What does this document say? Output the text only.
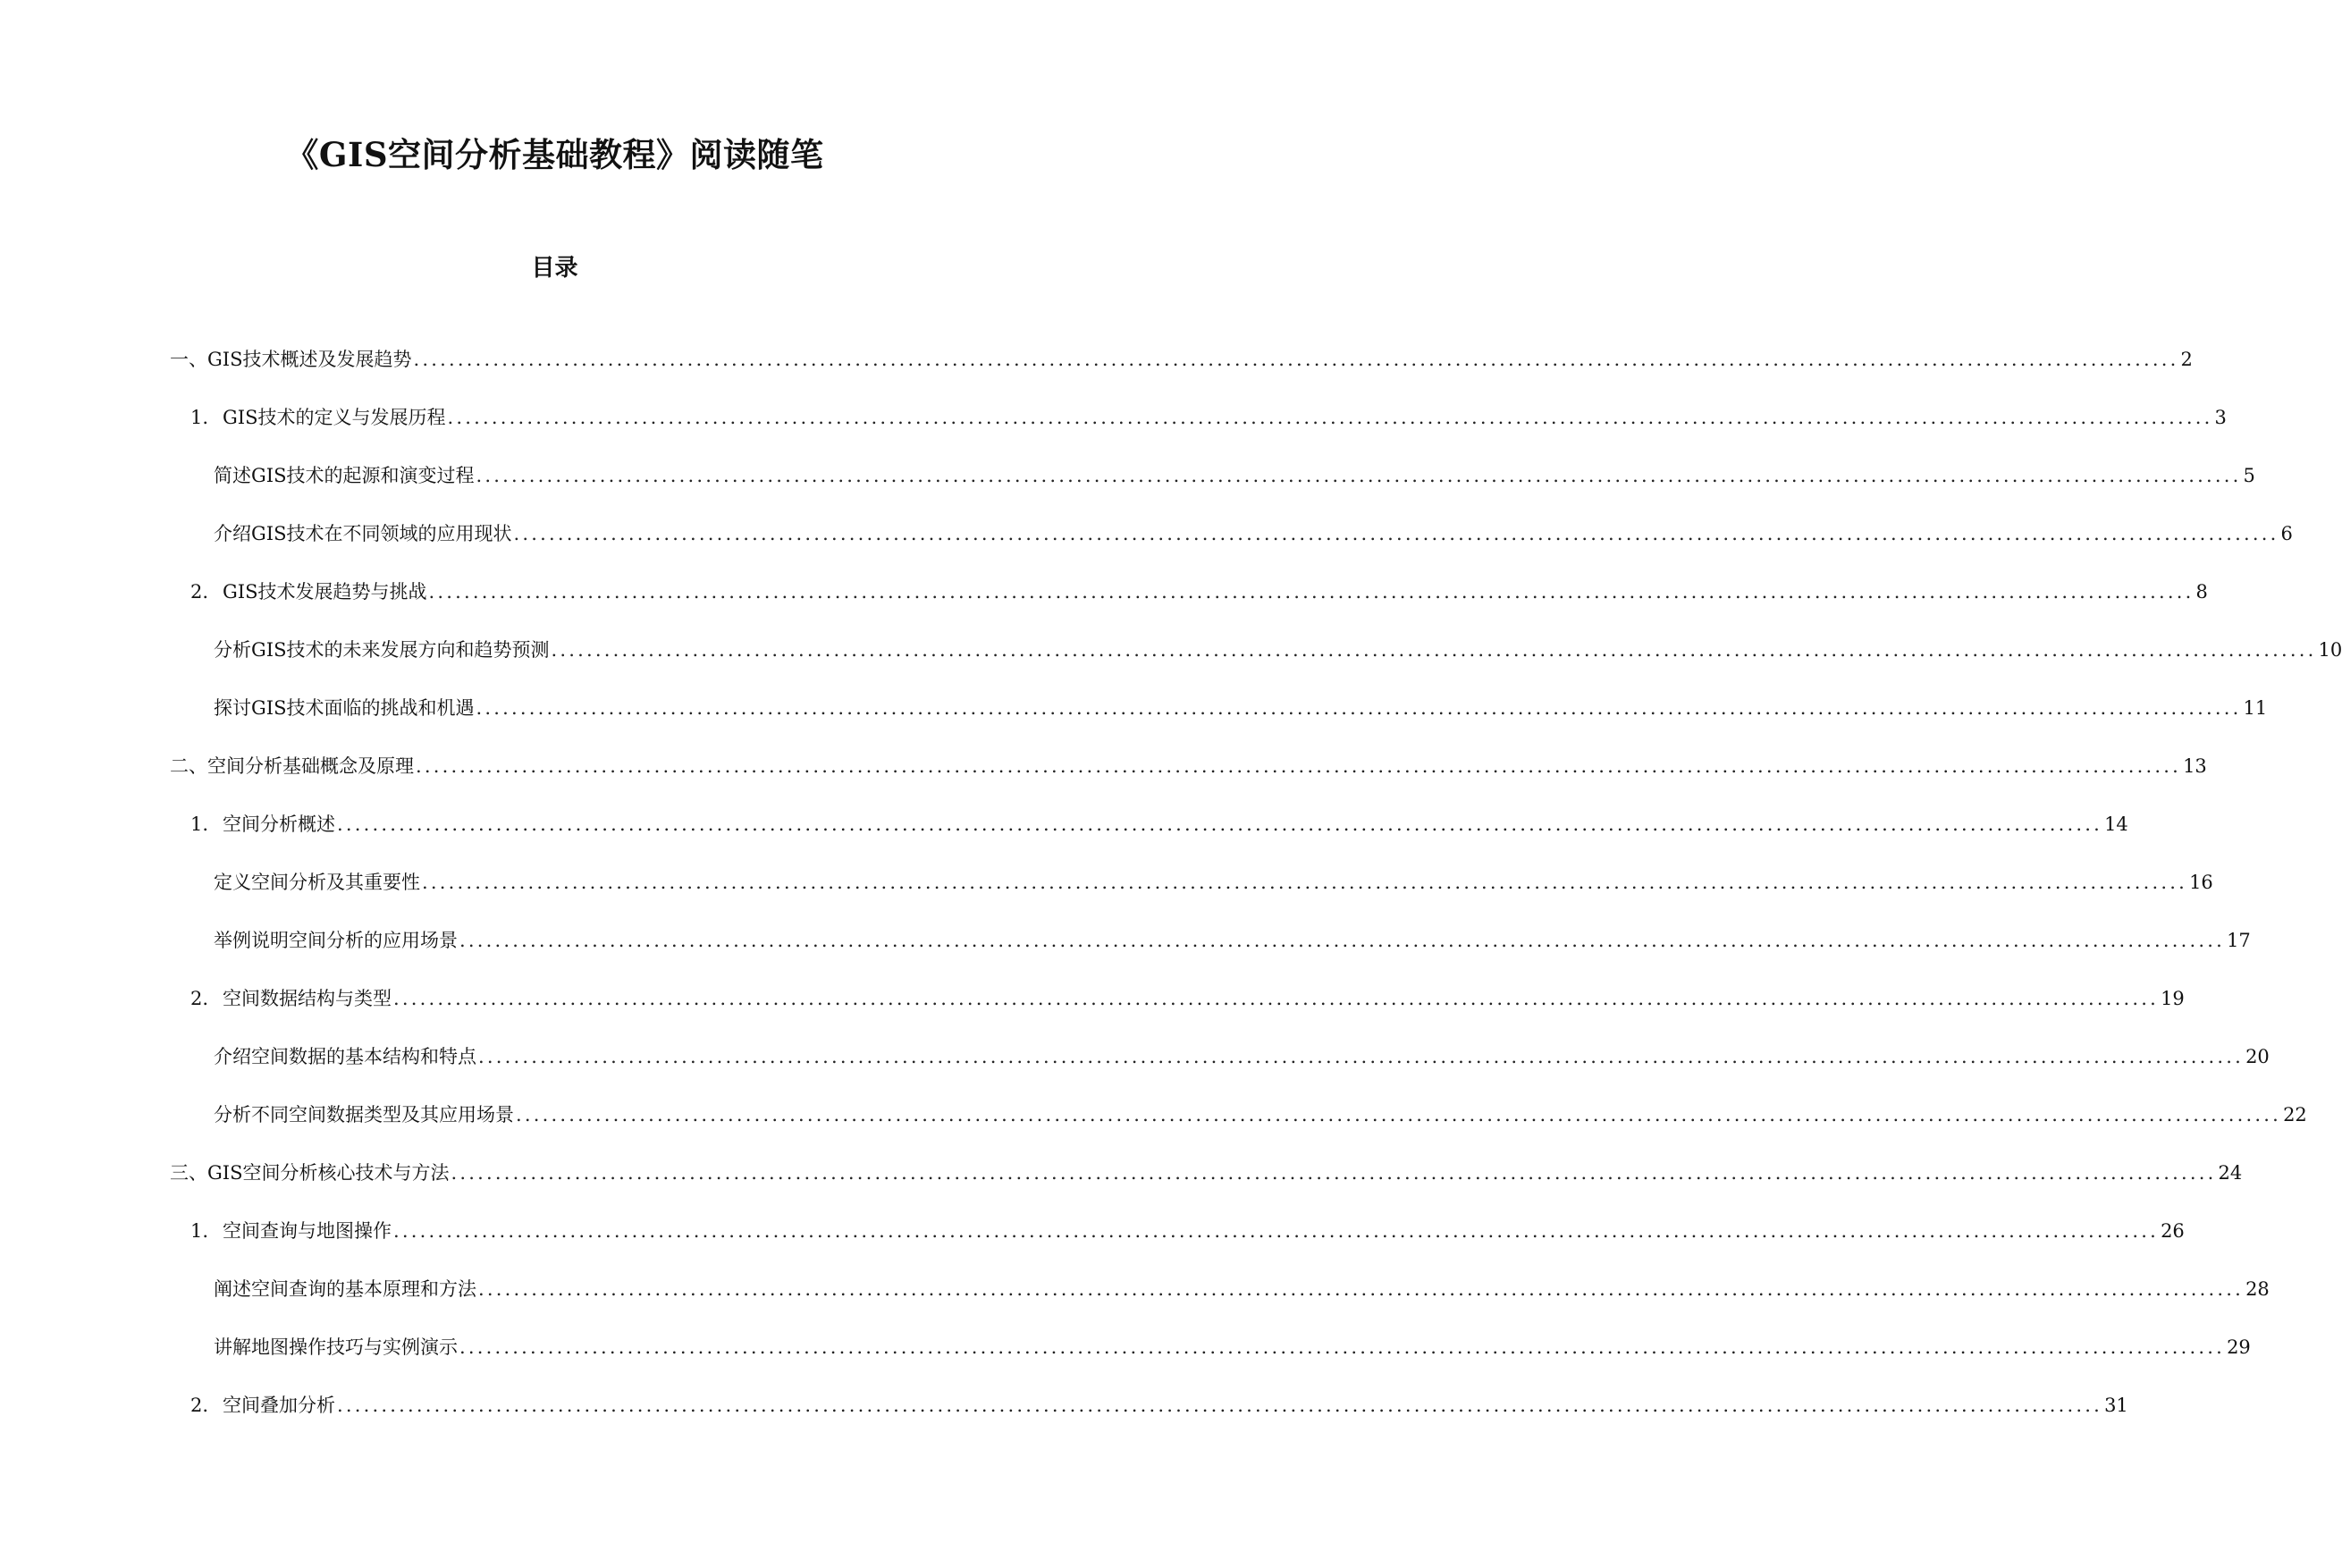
《GIS空间分析基础教程》阅读随笔
目录
一、 GIS技术概述及发展趋势 ........................................................................................................................................................................................................ 2
1. GIS技术的定义与发展历程 ........................................................................................................................................................................................................ 3
简述GIS技术的起源和演变过程 ........................................................................................................................................................................................................ 5
介绍GIS技术在不同领域的应用现状 ........................................................................................................................................................................................................ 6
2. GIS技术发展趋势与挑战 ........................................................................................................................................................................................................ 8
分析GIS技术的未来发展方向和趋势预测 ........................................................................................................................................................................................................ 10
探讨GIS技术面临的挑战和机遇 ........................................................................................................................................................................................................ 11
二、 空间分析基础概念及原理 ........................................................................................................................................................................................................ 13
1. 空间分析概述 ........................................................................................................................................................................................................ 14
定义空间分析及其重要性 ........................................................................................................................................................................................................ 16
举例说明空间分析的应用场景 ........................................................................................................................................................................................................ 17
2. 空间数据结构与类型 ........................................................................................................................................................................................................ 19
介绍空间数据的基本结构和特点 ........................................................................................................................................................................................................ 20
分析不同空间数据类型及其应用场景 ........................................................................................................................................................................................................ 22
三、 GIS空间分析核心技术与方法 ........................................................................................................................................................................................................ 24
1. 空间查询与地图操作 ........................................................................................................................................................................................................ 26
阐述空间查询的基本原理和方法 ........................................................................................................................................................................................................ 28
讲解地图操作技巧与实例演示 ........................................................................................................................................................................................................ 29
2. 空间叠加分析 ........................................................................................................................................................................................................ 31
